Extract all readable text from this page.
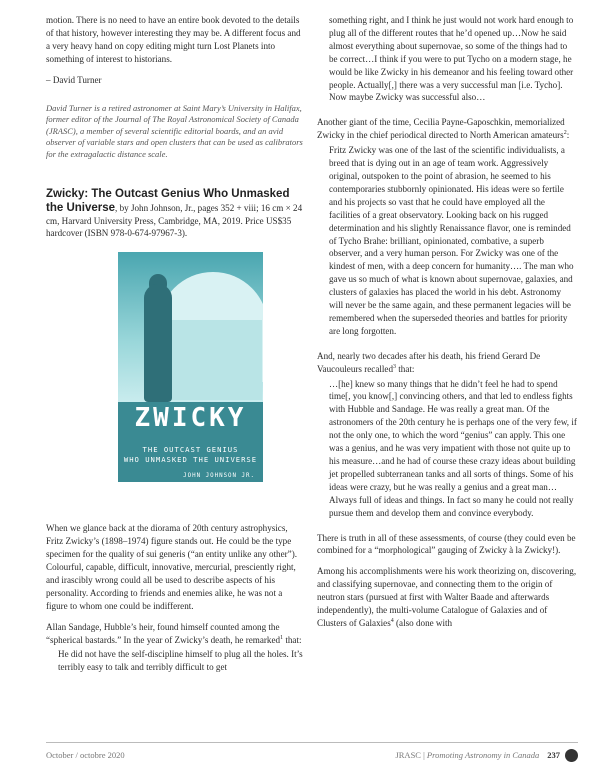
motion. There is no need to have an entire book devoted to the details of that history, however interesting they may be. A different focus and a very heavy hand on copy editing might turn Lost Planets into something of interest to historians.

– David Turner

David Turner is a retired astronomer at Saint Mary’s University in Halifax, former editor of the Journal of The Royal Astronomical Society of Canada (JRASC), a member of several scientific editorial boards, and an avid observer of variable stars and open clusters that can be used as calibrators for the extragalactic distance scale.

Zwicky: The Outcast Genius Who Unmasked the Universe, by John Johnson, Jr., pages 352 + viii; 16 cm × 24 cm, Harvard University Press, Cambridge, MA, 2019. Price US$35 hardcover (ISBN 978-0-674-97967-3).
ZWICKY
THE OUTCAST GENIUS
WHO UNMASKED THE UNIVERSE
JOHN JOHNSON JR.

When we glance back at the diorama of 20th century astrophysics, Fritz Zwicky’s (1898–1974) figure stands out. He could be the type specimen for the quality of sui generis (“an entity unlike any other”). Colourful, capable, difficult, innovative, mercurial, presciently right, and irascibly wrong could all be used to describe aspects of his personality. According to friends and enemies alike, he was not a figure to whom one could be indifferent.

Allan Sandage, Hubble’s heir, found himself counted among the “spherical bastards.” In the year of Zwicky’s death, he remarked$^1$ that:

He did not have the self-discipline himself to plug all the holes. It’s terribly easy to talk and terribly difficult to get

something right, and I think he just would not work hard enough to plug all of the different routes that he’d opened up…Now he said almost everything about supernovae, so some of the things had to be correct…I think if you were to put Tycho on a modern stage, he would be like Zwicky in his demeanor and his feeling toward other people. Actually[,] there was a very successful man [i.e. Tycho]. Now maybe Zwicky was successful also…

Another giant of the time, Cecilia Payne-Gaposchkin, memorialized Zwicky in the chief periodical directed to North American amateurs$^2$:

Fritz Zwicky was one of the last of the scientific individualists, a breed that is dying out in an age of team work. Aggressively original, outspoken to the point of abrasion, he seemed to his contemporaries stubbornly opinionated. His ideas were so fertile and his projects so vast that he could have employed all the facilities of a great observatory. Looking back on his rugged determination and his slightly Renaissance flavor, one is reminded of Tycho Brahe: brilliant, opinionated, combative, a superb observer, and a very human person. For Zwicky was one of the kindest of men, with a deep concern for humanity…. The man who gave us so much of what is known about supernovae, galaxies, and clusters of galaxies has placed the world in his debt. Astronomy will never be the same again, and these permanent legacies will be remembered when the superseded theories and battles for priority are long forgotten.

And, nearly two decades after his death, his friend Gerard De Vaucouleurs recalled$^3$ that:

…[he] knew so many things that he didn’t feel he had to spend time[, you know[,] convincing others, and that led to endless fights with Hubble and Sandage. He was really a great man. Of the astronomers of the 20th century he is perhaps one of the very few, if not the only one, to which the word “genius” can apply. This one was a genius, and he was very impatient with those not quite up to his measure…and he had of course these crazy ideas about building jet propelled subterranean tanks and all sorts of things. Some of his ideas were crazy, but he was really a genius and a great man…Always full of ideas and things. In fact so many he could not really pursue them and develop them and convince everybody.

There is truth in all of these assessments, of course (they could even be combined for a “morphological” gauging of Zwicky à la Zwicky!).

Among his accomplishments were his work theorizing on, discovering, and classifying supernovae, and connecting them to the origin of neutron stars (pursued at first with Walter Baade and afterwards independently), the multi-volume Catalogue of Galaxies and of Clusters of Galaxies$^4$ (also done with

October / octobre 2020	JRASC | Promoting Astronomy in Canada 237
